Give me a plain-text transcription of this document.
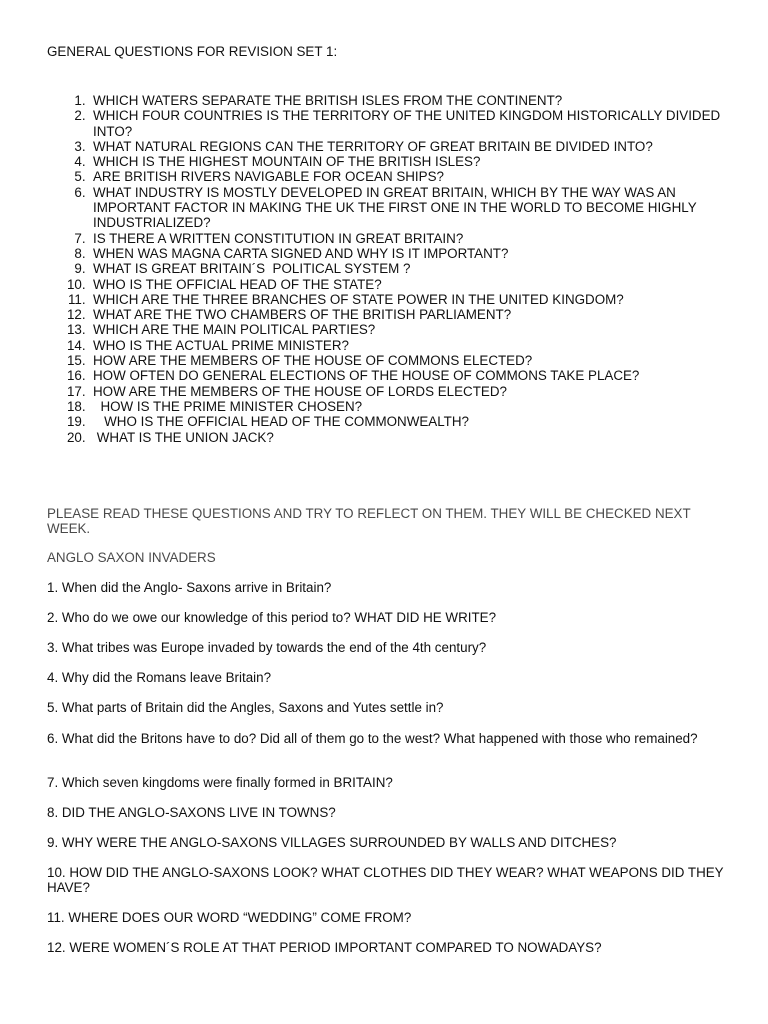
GENERAL QUESTIONS FOR REVISION SET 1:
1. WHICH WATERS SEPARATE THE BRITISH ISLES FROM THE CONTINENT?
2. WHICH FOUR COUNTRIES IS THE TERRITORY OF THE UNITED KINGDOM HISTORICALLY DIVIDED INTO?
3. WHAT NATURAL REGIONS CAN THE TERRITORY OF GREAT BRITAIN BE DIVIDED INTO?
4. WHICH IS THE HIGHEST MOUNTAIN OF THE BRITISH ISLES?
5. ARE BRITISH RIVERS NAVIGABLE FOR OCEAN SHIPS?
6. WHAT INDUSTRY IS MOSTLY DEVELOPED IN GREAT BRITAIN, WHICH BY THE WAY WAS AN IMPORTANT FACTOR IN MAKING THE UK THE FIRST ONE IN THE WORLD TO BECOME HIGHLY INDUSTRIALIZED?
7. IS THERE A WRITTEN CONSTITUTION IN GREAT BRITAIN?
8. WHEN WAS MAGNA CARTA SIGNED AND WHY IS IT IMPORTANT?
9. WHAT IS GREAT BRITAIN´S  POLITICAL SYSTEM ?
10. WHO IS THE OFFICIAL HEAD OF THE STATE?
11. WHICH ARE THE THREE BRANCHES OF STATE POWER IN THE UNITED KINGDOM?
12. WHAT ARE THE TWO CHAMBERS OF THE BRITISH PARLIAMENT?
13. WHICH ARE THE MAIN POLITICAL PARTIES?
14. WHO IS THE ACTUAL PRIME MINISTER?
15. HOW ARE THE MEMBERS OF THE HOUSE OF COMMONS ELECTED?
16. HOW OFTEN DO GENERAL ELECTIONS OF THE HOUSE OF COMMONS TAKE PLACE?
17. HOW ARE THE MEMBERS OF THE HOUSE OF LORDS ELECTED?
18. HOW IS THE PRIME MINISTER CHOSEN?
19. WHO IS THE OFFICIAL HEAD OF THE COMMONWEALTH?
20. WHAT IS THE UNION JACK?

PLEASE READ THESE QUESTIONS AND TRY TO REFLECT ON THEM. THEY WILL BE CHECKED NEXT WEEK.

ANGLO SAXON INVADERS

1. When did the Anglo- Saxons arrive in Britain?

2. Who do we owe our knowledge of this period to? WHAT DID HE WRITE?

3. What tribes was Europe invaded by towards the end of the 4th century?

4. Why did the Romans leave Britain?

5. What parts of Britain did the Angles, Saxons and Yutes settle in?

6. What did the Britons have to do? Did all of them go to the west? What happened with those who remained?

7. Which seven kingdoms were finally formed in BRITAIN?

8. DID THE ANGLO-SAXONS LIVE IN TOWNS?

9. WHY WERE THE ANGLO-SAXONS VILLAGES SURROUNDED BY WALLS AND DITCHES?

10. HOW DID THE ANGLO-SAXONS LOOK? WHAT CLOTHES DID THEY WEAR? WHAT WEAPONS DID THEY HAVE?

11. WHERE DOES OUR WORD “WEDDING” COME FROM?

12. WERE WOMEN´S ROLE AT THAT PERIOD IMPORTANT COMPARED TO NOWADAYS?
